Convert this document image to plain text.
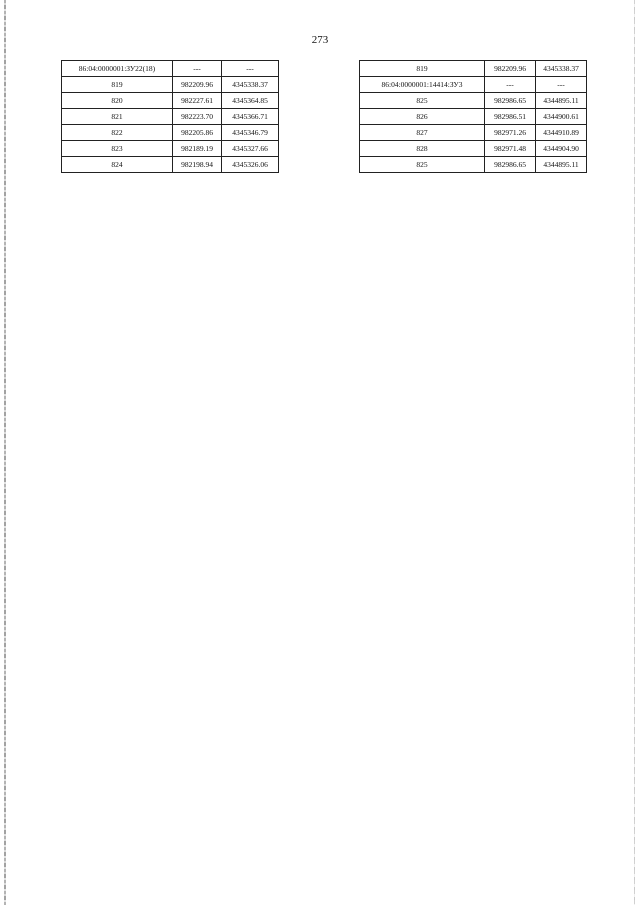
273
86:04:0000001:ЗУ22(18)	---	---
819	982209.96	4345338.37
820	982227.61	4345364.85
821	982223.70	4345366.71
822	982205.86	4345346.79
823	982189.19	4345327.66
824	982198.94	4345326.06
819	982209.96	4345338.37
86:04:0000001:14414:ЗУ3	---	---
825	982986.65	4344895.11
826	982986.51	4344900.61
827	982971.26	4344910.89
828	982971.48	4344904.90
825	982986.65	4344895.11
